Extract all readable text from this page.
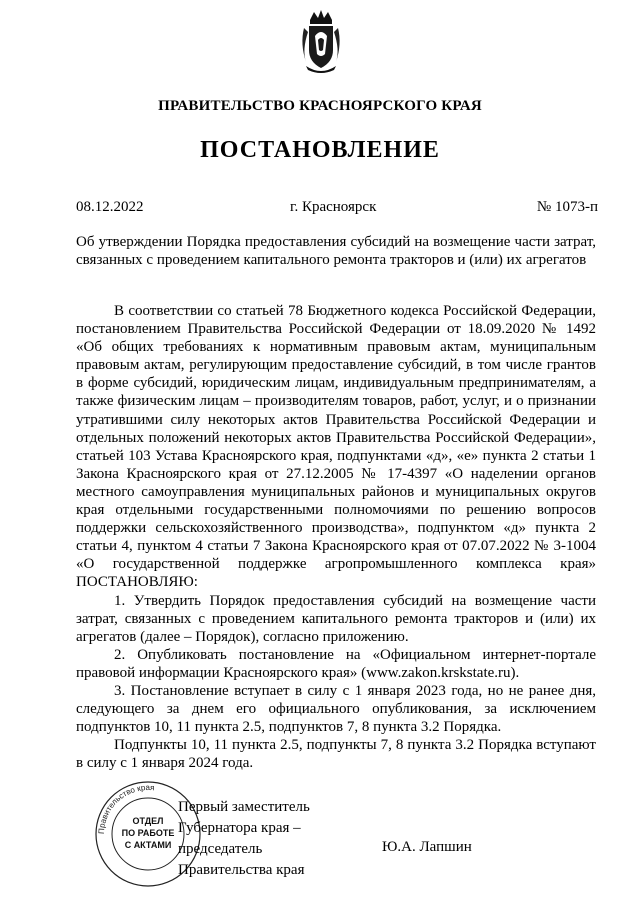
ПРАВИТЕЛЬСТВО КРАСНОЯРСКОГО КРАЯ
ПОСТАНОВЛЕНИЕ
08.12.2022	г. Красноярск	№ 1073-п
Об утверждении Порядка предоставления субсидий на возмещение части затрат, связанных с проведением капитального ремонта тракторов и (или) их агрегатов

В соответствии со статьей 78 Бюджетного кодекса Российской Федерации, постановлением Правительства Российской Федерации от 18.09.2020 № 1492 «Об общих требованиях к нормативным правовым актам, муниципальным правовым актам, регулирующим предоставление субсидий, в том числе грантов в форме субсидий, юридическим лицам, индивидуальным предпринимателям, а также физическим лицам – производителям товаров, работ, услуг, и о признании утратившими силу некоторых актов Правительства Российской Федерации и отдельных положений некоторых актов Правительства Российской Федерации», статьей 103 Устава Красноярского края, подпунктами «д», «е» пункта 2 статьи 1 Закона Красноярского края от 27.12.2005 № 17-4397 «О наделении органов местного самоуправления муниципальных районов и муниципальных округов края отдельными государственными полномочиями по решению вопросов поддержки сельскохозяйственного производства», подпунктом «д» пункта 2 статьи 4, пунктом 4 статьи 7 Закона Красноярского края от 07.07.2022 № 3-1004 «О государственной поддержке агропромышленного комплекса края» ПОСТАНОВЛЯЮ:

1. Утвердить Порядок предоставления субсидий на возмещение части затрат, связанных с проведением капитального ремонта тракторов и (или) их агрегатов (далее – Порядок), согласно приложению.

2. Опубликовать постановление на «Официальном интернет-портале правовой информации Красноярского края» (www.zakon.krskstate.ru).

3. Постановление вступает в силу с 1 января 2023 года, но не ранее дня, следующего за днем его официального опубликования, за исключением подпунктов 10, 11 пункта 2.5, подпунктов 7, 8 пункта 3.2 Порядка.

Подпункты 10, 11 пункта 2.5, подпункты 7, 8 пункта 3.2 Порядка вступают в силу с 1 января 2024 года.

Правительство края
ОТДЕЛ
ПО РАБОТЕ
С АКТАМИ
Первый заместитель
Губернатора края –
председатель
Правительства края
Ю.А. Лапшин
